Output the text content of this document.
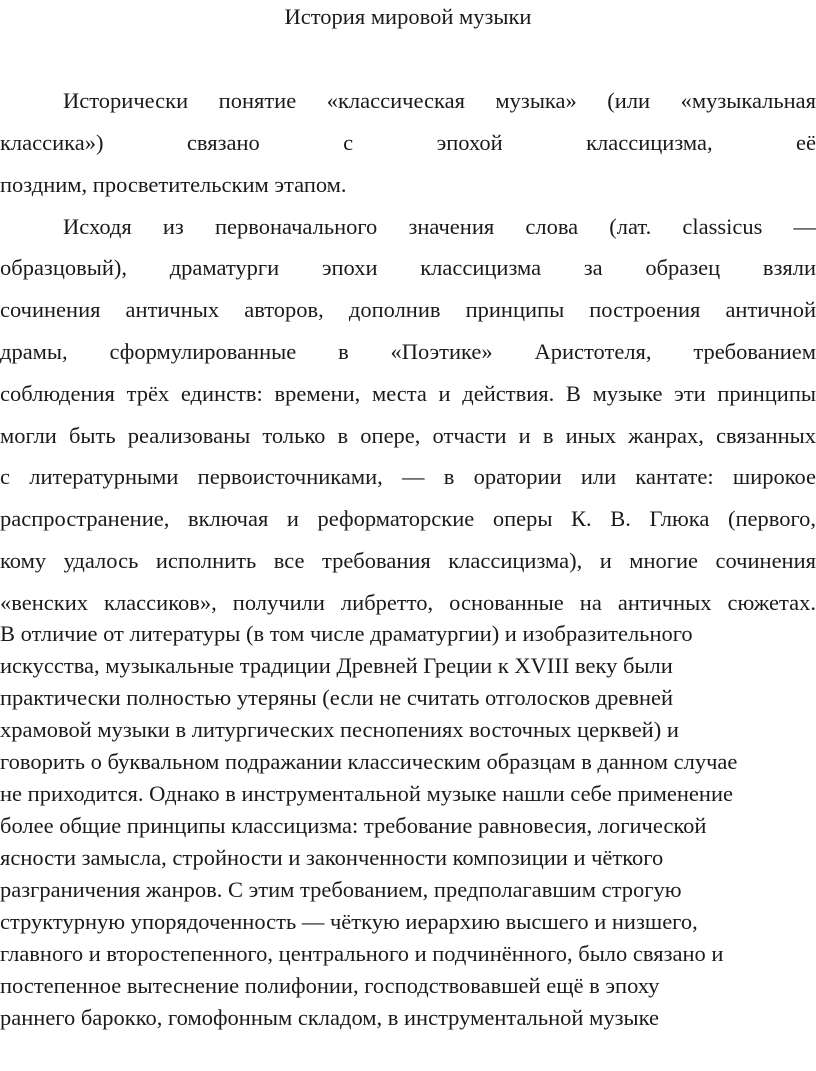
История мировой музыки
Исторически понятие «классическая музыка» (или «музыкальная
классика») связано с эпохой классицизма, её
поздним, просветительским этапом.
Исходя из первоначального значения слова (лат. classicus —
образцовый), драматурги эпохи классицизма за образец взяли
сочинения античных авторов, дополнив принципы построения античной
драмы, сформулированные в «Поэтике» Аристотеля, требованием
соблюдения трёх единств: времени, места и действия. В музыке эти принципы
могли быть реализованы только в опере, отчасти и в иных жанрах, связанных
с литературными первоисточниками, — в оратории или кантате: широкое
распространение, включая и реформаторские оперы К. В. Глюка (первого,
кому удалось исполнить все требования классицизма), и многие сочинения
«венских классиков», получили либретто, основанные на античных сюжетах.
В отличие от литературы (в том числе драматургии) и изобразительного
искусства, музыкальные традиции Древней Греции к XVIII веку были
практически полностью утеряны (если не считать отголосков древней
храмовой музыки в литургических песнопениях восточных церквей) и
говорить о буквальном подражании классическим образцам в данном случае
не приходится. Однако в инструментальной музыке нашли себе применение
более общие принципы классицизма: требование равновесия, логической
ясности замысла, стройности и законченности композиции и чёткого
разграничения жанров. С этим требованием, предполагавшим строгую
структурную упорядоченность — чёткую иерархию высшего и низшего,
главного и второстепенного, центрального и подчинённого, было связано и
постепенное вытеснение полифонии, господствовавшей ещё в эпоху
раннего барокко, гомофонным складом, в инструментальной музыке
